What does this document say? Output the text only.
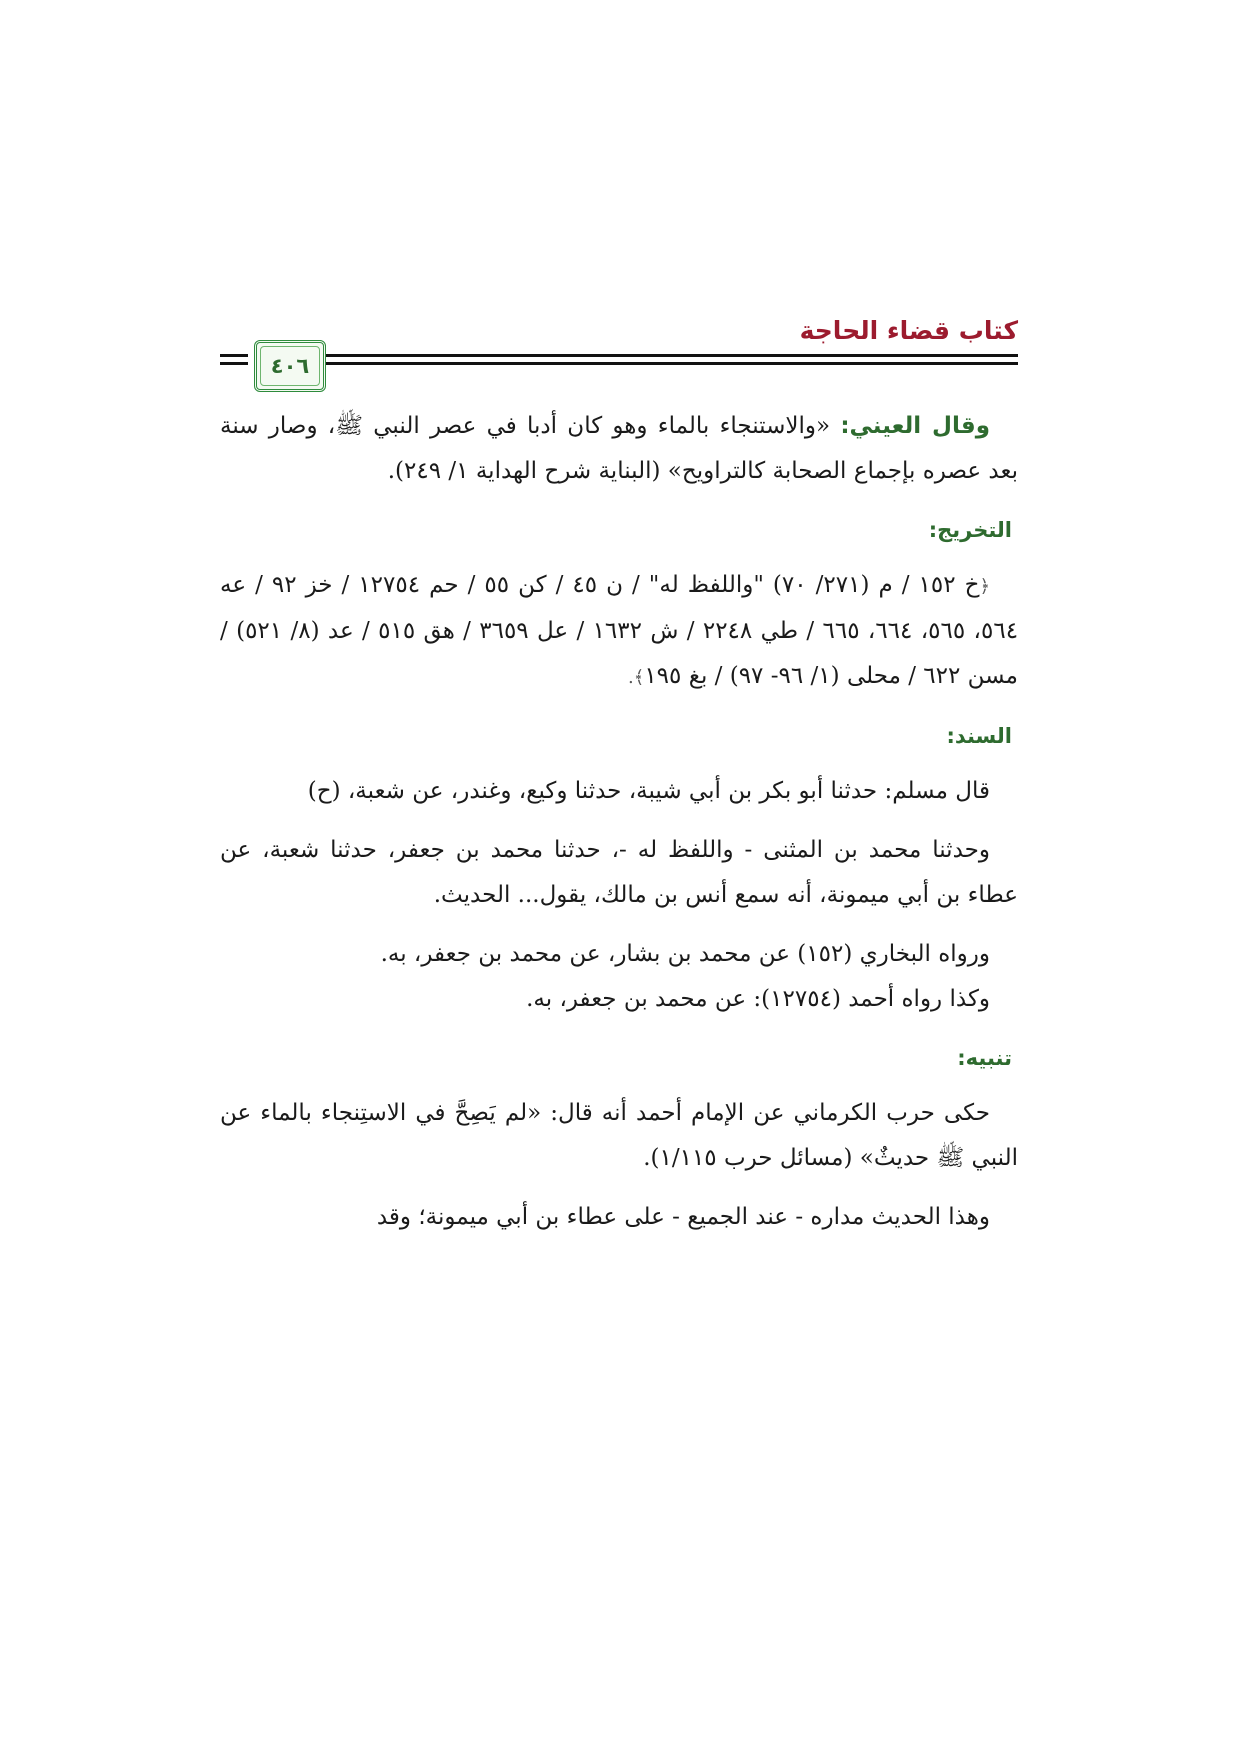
كتاب قضاء الحاجة
٤٠٦

وقال العيني: «والاستنجاء بالماء وهو كان أدبا في عصر النبي ﷺ، وصار سنة بعد عصره بإجماع الصحابة كالتراويح» (البناية شرح الهداية ١/ ٢٤٩).

التخريج:

﴿خ ١٥٢ / م (٢٧١/ ٧٠) "واللفظ له" / ن ٤٥ / كن ٥٥ / حم ١٢٧٥٤ / خز ٩٢ / عه ٥٦٤، ٥٦٥، ٦٦٤، ٦٦٥ / طي ٢٢٤٨ / ش ١٦٣٢ / عل ٣٦٥٩ / هق ٥١٥ / عد (٨/ ٥٢١) / مسن ٦٢٢ / محلى (١/ ٩٦- ٩٧) / بغ ١٩٥﴾.

السند:

قال مسلم: حدثنا أبو بكر بن أبي شيبة، حدثنا وكيع، وغندر، عن شعبة، (ح)

وحدثنا محمد بن المثنى - واللفظ له -، حدثنا محمد بن جعفر، حدثنا شعبة، عن عطاء بن أبي ميمونة، أنه سمع أنس بن مالك، يقول... الحديث.

ورواه البخاري (١٥٢) عن محمد بن بشار، عن محمد بن جعفر، به.

وكذا رواه أحمد (١٢٧٥٤): عن محمد بن جعفر، به.

تنبيه:

حكى حرب الكرماني عن الإمام أحمد أنه قال: «لم يَصِحَّ في الاستِنجاء بالماء عن النبي ﷺ حديثٌ» (مسائل حرب ١/١١٥).

وهذا الحديث مداره - عند الجميع - على عطاء بن أبي ميمونة؛ وقد
